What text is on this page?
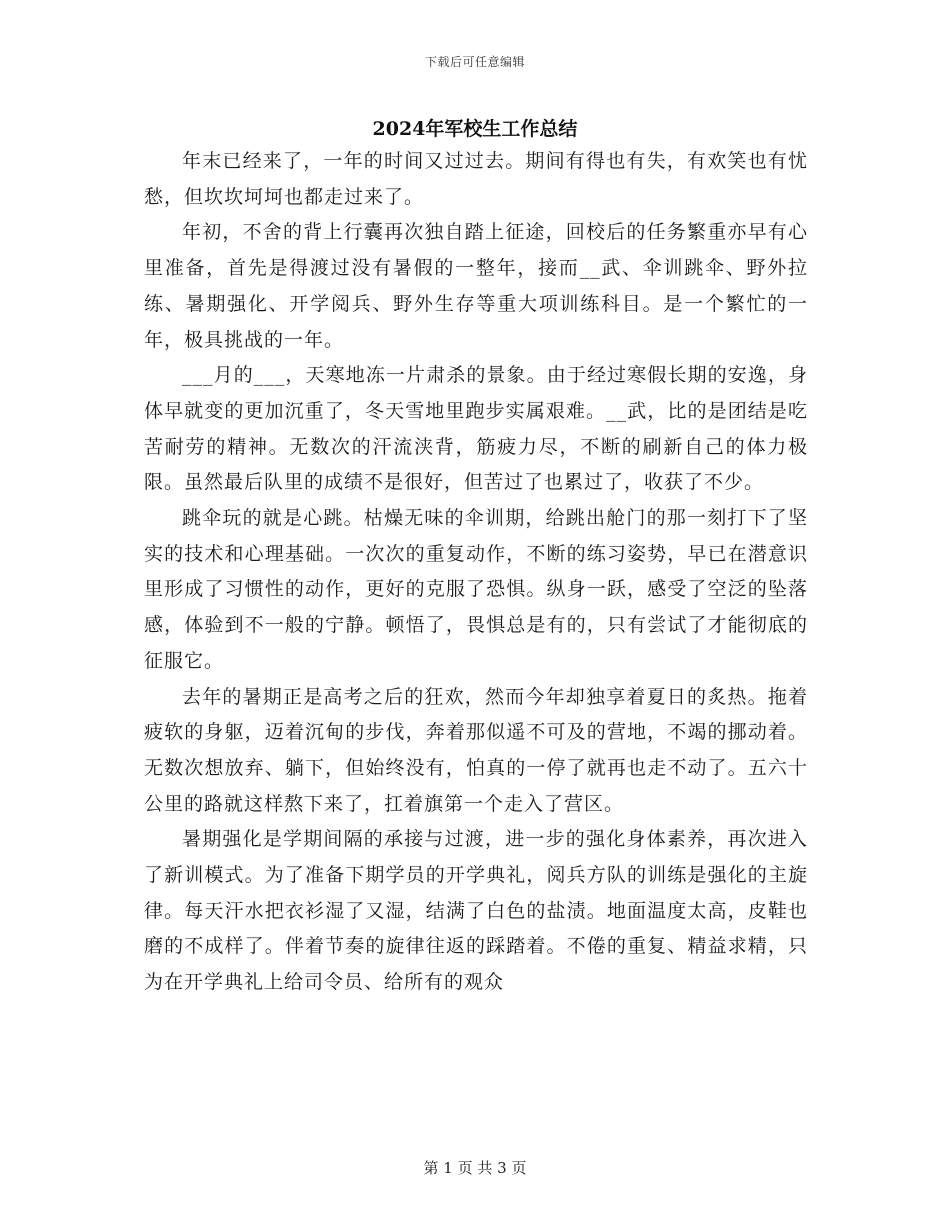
下载后可任意编辑
2024年军校生工作总结

年末已经来了，一年的时间又过过去。期间有得也有失，有欢笑也有忧愁，但坎坎坷坷也都走过来了。

年初，不舍的背上行囊再次独自踏上征途，回校后的任务繁重亦早有心里准备，首先是得渡过没有暑假的一整年，接而__武、伞训跳伞、野外拉练、暑期强化、开学阅兵、野外生存等重大项训练科目。是一个繁忙的一年，极具挑战的一年。

___月的___，天寒地冻一片肃杀的景象。由于经过寒假长期的安逸，身体早就变的更加沉重了，冬天雪地里跑步实属艰难。__武，比的是团结是吃苦耐劳的精神。无数次的汗流浃背，筋疲力尽，不断的刷新自己的体力极限。虽然最后队里的成绩不是很好，但苦过了也累过了，收获了不少。

跳伞玩的就是心跳。枯燥无味的伞训期，给跳出舱门的那一刻打下了坚实的技术和心理基础。一次次的重复动作，不断的练习姿势，早已在潜意识里形成了习惯性的动作，更好的克服了恐惧。纵身一跃，感受了空泛的坠落感，体验到不一般的宁静。顿悟了，畏惧总是有的，只有尝试了才能彻底的征服它。

去年的暑期正是高考之后的狂欢，然而今年却独享着夏日的炙热。拖着疲软的身躯，迈着沉甸的步伐，奔着那似遥不可及的营地，不竭的挪动着。无数次想放弃、躺下，但始终没有，怕真的一停了就再也走不动了。五六十公里的路就这样熬下来了，扛着旗第一个走入了营区。

暑期强化是学期间隔的承接与过渡，进一步的强化身体素养，再次进入了新训模式。为了准备下期学员的开学典礼，阅兵方队的训练是强化的主旋律。每天汗水把衣衫湿了又湿，结满了白色的盐渍。地面温度太高，皮鞋也磨的不成样了。伴着节奏的旋律往返的踩踏着。不倦的重复、精益求精，只为在开学典礼上给司令员、给所有的观众

第 1 页 共 3 页
